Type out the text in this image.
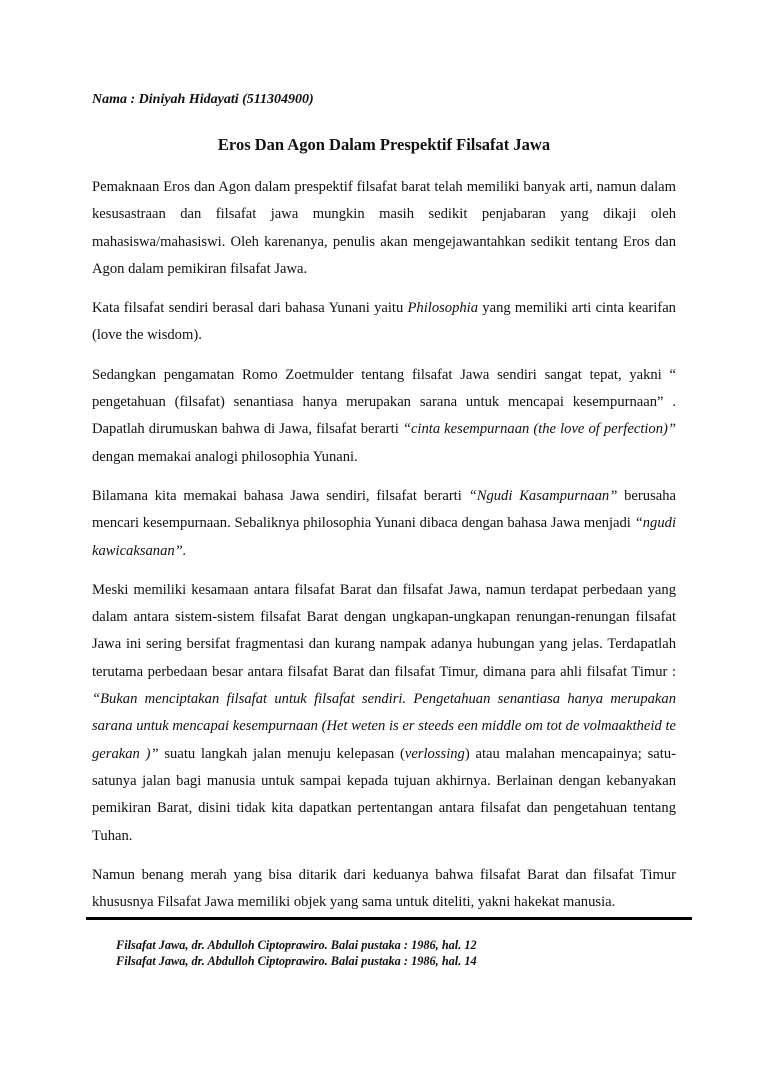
Nama : Diniyah Hidayati (511304900)

Eros Dan Agon Dalam Prespektif Filsafat Jawa

Pemaknaan Eros dan Agon dalam prespektif filsafat barat telah memiliki banyak arti, namun dalam kesusastraan dan filsafat jawa mungkin masih sedikit penjabaran yang dikaji oleh mahasiswa/mahasiswi. Oleh karenanya, penulis akan mengejawantahkan sedikit tentang Eros dan Agon dalam pemikiran filsafat Jawa.

Kata filsafat sendiri berasal dari bahasa Yunani yaitu Philosophia yang memiliki arti cinta kearifan (love the wisdom).

Sedangkan pengamatan Romo Zoetmulder tentang filsafat Jawa sendiri sangat tepat, yakni “ pengetahuan (filsafat) senantiasa hanya merupakan sarana untuk mencapai kesempurnaan” . Dapatlah dirumuskan bahwa di Jawa, filsafat berarti “cinta kesempurnaan (the love of perfection)” dengan memakai analogi philosophia Yunani.

Bilamana kita memakai bahasa Jawa sendiri, filsafat berarti “Ngudi Kasampurnaan” berusaha mencari kesempurnaan. Sebaliknya philosophia Yunani dibaca dengan bahasa Jawa menjadi “ngudi kawicaksanan”.

Meski memiliki kesamaan antara filsafat Barat dan filsafat Jawa, namun terdapat perbedaan yang dalam antara sistem-sistem filsafat Barat dengan ungkapan-ungkapan renungan-renungan filsafat Jawa ini sering bersifat fragmentasi dan kurang nampak adanya hubungan yang jelas. Terdapatlah terutama perbedaan besar antara filsafat Barat dan filsafat Timur, dimana para ahli filsafat Timur : “Bukan menciptakan filsafat untuk filsafat sendiri. Pengetahuan senantiasa hanya merupakan sarana untuk mencapai kesempurnaan (Het weten is er steeds een middle om tot de volmaaktheid te gerakan )” suatu langkah jalan menuju kelepasan (verlossing) atau malahan mencapainya; satu-satunya jalan bagi manusia untuk sampai kepada tujuan akhirnya. Berlainan dengan kebanyakan pemikiran Barat, disini tidak kita dapatkan pertentangan antara filsafat dan pengetahuan tentang Tuhan.

Namun benang merah yang bisa ditarik dari keduanya bahwa filsafat Barat dan filsafat Timur khususnya Filsafat Jawa memiliki objek yang sama untuk diteliti, yakni hakekat manusia.

Filsafat Jawa, dr. Abdulloh Ciptoprawiro. Balai pustaka : 1986, hal. 12

Filsafat Jawa, dr. Abdulloh Ciptoprawiro. Balai pustaka : 1986, hal. 14
